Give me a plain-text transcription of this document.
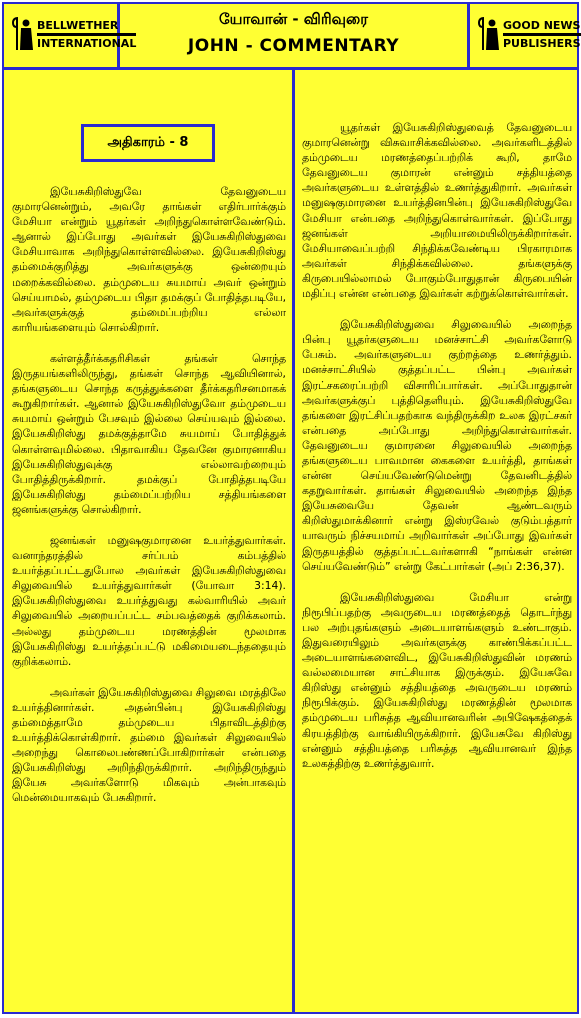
BELLWETHER
INTERNATIONAL
யோவான் - விரிவுரை
JOHN - COMMENTARY
GOOD NEWS
PUBLISHERS
அதிகாரம் - 8

இயேசுகிறிஸ்துவே தேவனுடைய குமாரனென்றும், அவரே தாங்கள் எதிர்பார்க்கும் மேசியா என்றும் யூதர்கள் அறிந்துகொள்ளவேண்டும். ஆனால் இப்போது அவர்கள் இயேசுகிறிஸ்துவை மேசியாவாக அறிந்துகொள்ளவில்லை. இயேசுகிறிஸ்து தம்மைக்குறித்து அவர்களுக்கு ஒன்றையும் மறைக்கவில்லை. தம்முடைய சுயமாய் அவர் ஒன்றும் செய்யாமல், தம்முடைய பிதா தமக்குப் போதித்தபடியே, அவர்களுக்குத் தம்மைப்பற்றிய எல்லா காரியங்களையும் சொல்கிறார்.

கள்ளத்தீர்க்கதரிசிகள் தங்கள் சொந்த இருதயங்களிலிருந்து, தங்கள் சொந்த ஆவியினால், தங்களுடைய சொந்த கருத்துக்களை தீர்க்கதரிசனமாகக் கூறுகிறார்கள். ஆனால் இயேசுகிறிஸ்துவோ தம்முடைய சுயமாய் ஒன்றும் பேசவும் இல்லை செய்யவும் இல்லை. இயேசுகிறிஸ்து தமக்குத்தாமே சுயமாய் போதித்துக் கொள்ளவுமில்லை. பிதாவாகிய தேவனே குமாரனாகிய இயேசுகிறிஸ்துவுக்கு எல்லாவற்றையும் போதித்திருக்கிறார். தமக்குப் போதித்தபடியே இயேசுகிறிஸ்து தம்மைப்பற்றிய சத்தியங்களை ஜனங்களுக்கு சொல்கிறார்.

ஜனங்கள் மனுஷகுமாரனை உயர்த்துவார்கள். வனாந்தரத்தில் சர்ப்பம் கம்பத்தில் உயர்த்தப்பட்டதுபோல அவர்கள் இயேசுகிறிஸ்துவை சிலுவையில் உயர்த்துவார்கள் (யோவா 3:14). இயேசுகிறிஸ்துவை உயர்த்துவது கல்வாரியில் அவர் சிலுவையில் அறையப்பட்ட சம்பவத்தைக் குறிக்கலாம். அல்லது தம்முடைய மரணத்தின் மூலமாக இயேசுகிறிஸ்து உயர்த்தப்பட்டு மகிமையடைந்ததையும் குறிக்கலாம்.

அவர்கள் இயேசுகிறிஸ்துவை சிலுவை மரத்திலே உயர்த்தினார்கள். அதன்பின்பு இயேசுகிறிஸ்து தம்மைத்தாமே தம்முடைய பிதாவிடத்திற்கு உயர்த்திக்கொள்கிறார். தம்மை இவர்கள் சிலுவையில் அறைந்து கொலைபண்ணப்போகிறார்கள் என்பதை இயேசுகிறிஸ்து அறிந்திருக்கிறார். அறிந்திருந்தும் இயேசு அவர்களோடு மிகவும் அன்பாகவும் மென்மையாகவும் பேசுகிறார்.

யூதர்கள் இயேசுகிறிஸ்துவைத் தேவனுடைய குமாரனென்று விசுவாசிக்கவில்லை. அவர்களிடத்தில் தம்முடைய மரணத்தைப்பற்றிக் கூறி, தாமே தேவனுடைய குமாரன் என்னும் சத்தியத்தை அவர்களுடைய உள்ளத்தில் உணர்த்துகிறார். அவர்கள் மனுஷகுமாரனை உயர்த்தினபின்பு இயேசுகிறிஸ்துவே மேசியா என்பதை அறிந்துகொள்வார்கள். இப்போது ஜனங்கள் அறியாமையிலிருக்கிறார்கள். மேசியாவைப்பற்றி சிந்திக்கவேண்டிய பிரகாரமாக அவர்கள் சிந்திக்கவில்லை. தங்களுக்கு கிருபையில்லாமல் போகும்போதுதான் கிருபையின் மதிப்பு என்ன என்பதை இவர்கள் கற்றுக்கொள்வார்கள்.

இயேசுகிறிஸ்துவை சிலுவையில் அறைந்த பின்பு யூதர்களுடைய மனச்சாட்சி அவர்களோடு பேசும். அவர்களுடைய குற்றத்தை உணர்த்தும். மனச்சாட்சியில் குத்தப்பட்ட பின்பு அவர்கள் இரட்சகரைப்பற்றி விசாரிப்பார்கள். அப்போதுதான் அவர்களுக்குப் புத்திதெளியும். இயேசுகிறிஸ்துவே தங்களை இரட்சிப்பதற்காக வந்திருக்கிற உலக இரட்சகர் என்பதை அப்போது அறிந்துகொள்வார்கள். தேவனுடைய குமாரனை சிலுவையில் அறைந்த தங்களுடைய பாவமான கைகளை உயர்த்தி, தாங்கள் என்ன செய்யவேண்டுமென்று தேவனிடத்தில் கதறுவார்கள். தாங்கள் சிலுவையில் அறைந்த இந்த இயேசுவையே தேவன் ஆண்டவரும் கிறிஸ்துமாக்கினார் என்று இஸ்ரவேல் குடும்பத்தார் யாவரும் நிச்சயமாய் அறிவார்கள் அப்போது இவர்கள் இருதயத்தில் குத்தப்பட்டவர்களாகி “நாங்கள் என்ன செய்யவேண்டும்” என்று கேட்பார்கள் (அப் 2:36,37).

இயேசுகிறிஸ்துவை மேசியா என்று நிரூபிப்பதற்கு அவருடைய மரணத்தைத் தொடர்ந்து பல அற்புதங்களும் அடையாளங்களும் உண்டாகும். இதுவரையிலும் அவர்களுக்கு காண்பிக்கப்பட்ட அடையாளங்களைவிட, இயேசுகிறிஸ்துவின் மரணம் வல்லமையான சாட்சியாக இருக்கும். இயேசுவே கிறிஸ்து என்னும் சத்தியத்தை அவருடைய மரணம் நிரூபிக்கும். இயேசுகிறிஸ்து மரணத்தின் மூலமாக தம்முடைய பரிசுத்த ஆவியானவரின் அபிஷேகத்தைக் கிரயத்திற்கு வாங்கியிருக்கிறார். இயேசுவே கிறிஸ்து என்னும் சத்தியத்தை பரிசுத்த ஆவியானவர் இந்த உலகத்திற்கு உணர்த்துவார்.
